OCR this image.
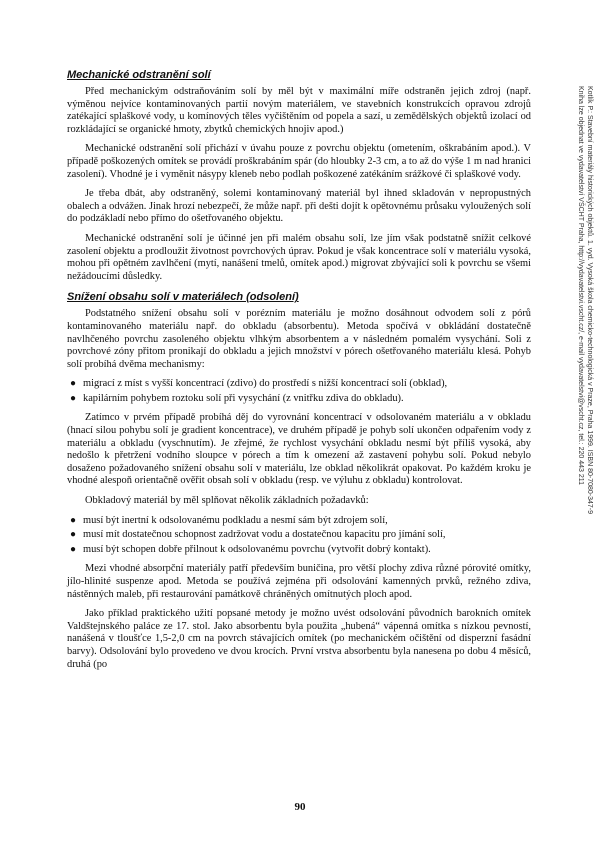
Mechanické odstranění solí

Před mechanickým odstraňováním solí by měl být v maximální míře odstraněn jejich zdroj (např. výměnou nejvíce kontaminovaných partií novým materiálem, ve stavebních konstrukcích opravou zdrojů zatékající splaškové vody, u komínových těles vyčištěním od popela a sazí, u zemědělských objektů izolací od rozkládající se organické hmoty, zbytků chemických hnojiv apod.)

Mechanické odstranění solí přichází v úvahu pouze z povrchu objektu (ometením, oškrabáním apod.). V případě poškozených omítek se provádí proškrabáním spár (do hloubky 2-3 cm, a to až do výše 1 m nad hranici zasolení). Vhodné je i vyměnit násypy kleneb nebo podlah poškozené zatékáním srážkové či splaškové vody.

Je třeba dbát, aby odstraněný, solemi kontaminovaný materiál byl ihned skladován v nepropustných obalech a odvážen. Jinak hrozí nebezpečí, že může např. při dešti dojít k opětovnému průsaku vyloužených solí do podzákladí nebo přímo do ošetřovaného objektu.

Mechanické odstranění solí je účinné jen při malém obsahu solí, lze jím však podstatně snížit celkové zasolení objektu a prodloužit životnost povrchových úprav. Pokud je však koncentrace solí v materiálu vysoká, mohou při opětném zavlhčení (mytí, nanášení tmelů, omítek apod.) migrovat zbývající soli k povrchu se všemi nežádoucími důsledky.

Snížení obsahu solí v materiálech (odsolení)

Podstatného snížení obsahu solí v porézním materiálu je možno dosáhnout odvodem solí z pórů kontaminovaného materiálu např. do obkladu (absorbentu). Metoda spočívá v obkládání dostatečně navlhčeného povrchu zasoleného objektu vlhkým absorbentem a v následném pomalém vysychání. Soli z povrchové zóny přitom pronikají do obkladu a jejich množství v pórech ošetřovaného materiálu klesá. Pohyb solí probíhá dvěma mechanismy:

● migrací z míst s vyšší koncentrací (zdivo) do prostředí s nižší koncentrací solí (obklad),
● kapilárním pohybem roztoku solí při vysychání (z vnitřku zdiva do obkladu).

Zatímco v prvém případě probíhá děj do vyrovnání koncentrací v odsolovaném materiálu a v obkladu (hnací silou pohybu solí je gradient koncentrace), ve druhém případě je pohyb solí ukončen odpařením vody z materiálu a obkladu (vyschnutím). Je zřejmé, že rychlost vysychání obkladu nesmí být příliš vysoká, aby nedošlo k přetržení vodního sloupce v pórech a tím k omezení až zastavení pohybu solí. Pokud nebylo dosaženo požadovaného snížení obsahu solí v materiálu, lze obklad několikrát opakovat. Po každém kroku je vhodné alespoň orientačně ověřit obsah solí v obkladu (resp. ve výluhu z obkladu) kontrolovat.

Obkladový materiál by měl splňovat několik základních požadavků:

● musí být inertní k odsolovanému podkladu a nesmí sám být zdrojem solí,
● musí mít dostatečnou schopnost zadržovat vodu a dostatečnou kapacitu pro jímání solí,
● musí být schopen dobře přilnout k odsolovanému povrchu (vytvořit dobrý kontakt).

Mezi vhodné absorpční materiály patří především buničina, pro větší plochy zdiva různé pórovité omítky, jílo-hlinité suspenze apod. Metoda se používá zejména při odsolování kamenných prvků, režného zdiva, nástěnných maleb, při restaurování památkově chráněných omítnutých ploch apod.

Jako příklad praktického užití popsané metody je možno uvést odsolování původních barokních omítek Valdštejnského paláce ze 17. stol. Jako absorbentu byla použita „hubená“ vápenná omítka s nízkou pevností, nanášená v tloušťce 1,5-2,0 cm na povrch stávajících omítek (po mechanickém očištění od disperzní fasádní barvy). Odsolování bylo provedeno ve dvou krocích. První vrstva absorbentu byla nanesena po dobu 4 měsíců, druhá (po

90
Kotlík P.: Stavební materiály historických objektů. 1. vyd. Vysoká škola chemicko-technologická v Praze, Praha 1999. ISBN 80-7080-347-9
Kniha lze objednat ve vydavatelství VŠCHT Praha, http://vydavatelstvi.vscht.cz/, e-mail vydavatelstvi@vscht.cz, tel.: 220 443 211
